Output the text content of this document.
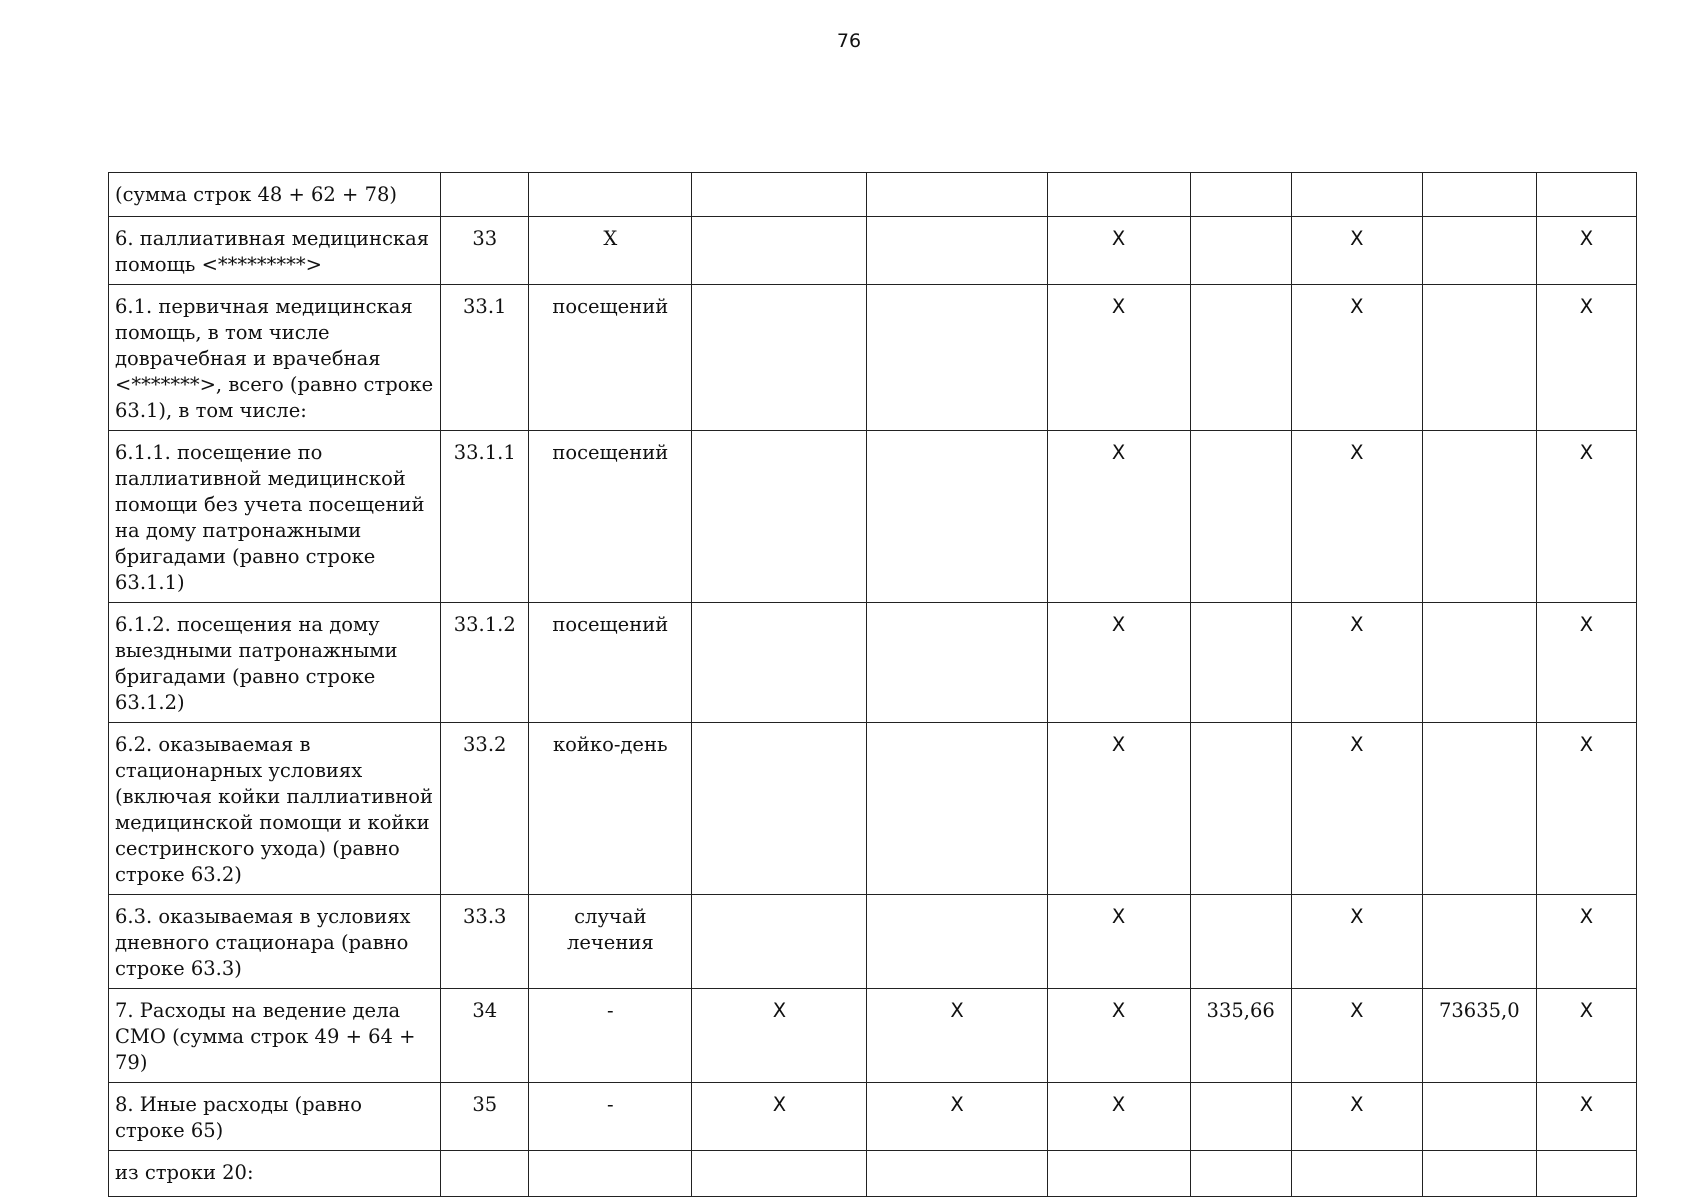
76
(сумма строк 48 + 62 + 78)									
6. паллиативная медицинская помощь <*********>	33	X			X		X		X
6.1. первичная медицинская помощь, в том числе доврачебная и врачебная <*******>, всего (равно строке 63.1), в том числе:	33.1	посещений			X		X		X
6.1.1. посещение по паллиативной медицинской помощи без учета посещений на дому патронажными бригадами (равно строке 63.1.1)	33.1.1	посещений			X		X		X
6.1.2. посещения на дому выездными патронажными бригадами (равно строке 63.1.2)	33.1.2	посещений			X		X		X
6.2. оказываемая в стационарных условиях (включая койки паллиативной медицинской помощи и койки сестринского ухода) (равно строке 63.2)	33.2	койко-день			X		X		X
6.3. оказываемая в условиях дневного стационара (равно строке 63.3)	33.3	случай лечения			X		X		X
7. Расходы на ведение дела СМО (сумма строк 49 + 64 + 79)	34	-	X	X	X	335,66	X	73635,0	X
8. Иные расходы (равно строке 65)	35	-	X	X	X		X		X
из строки 20:									
